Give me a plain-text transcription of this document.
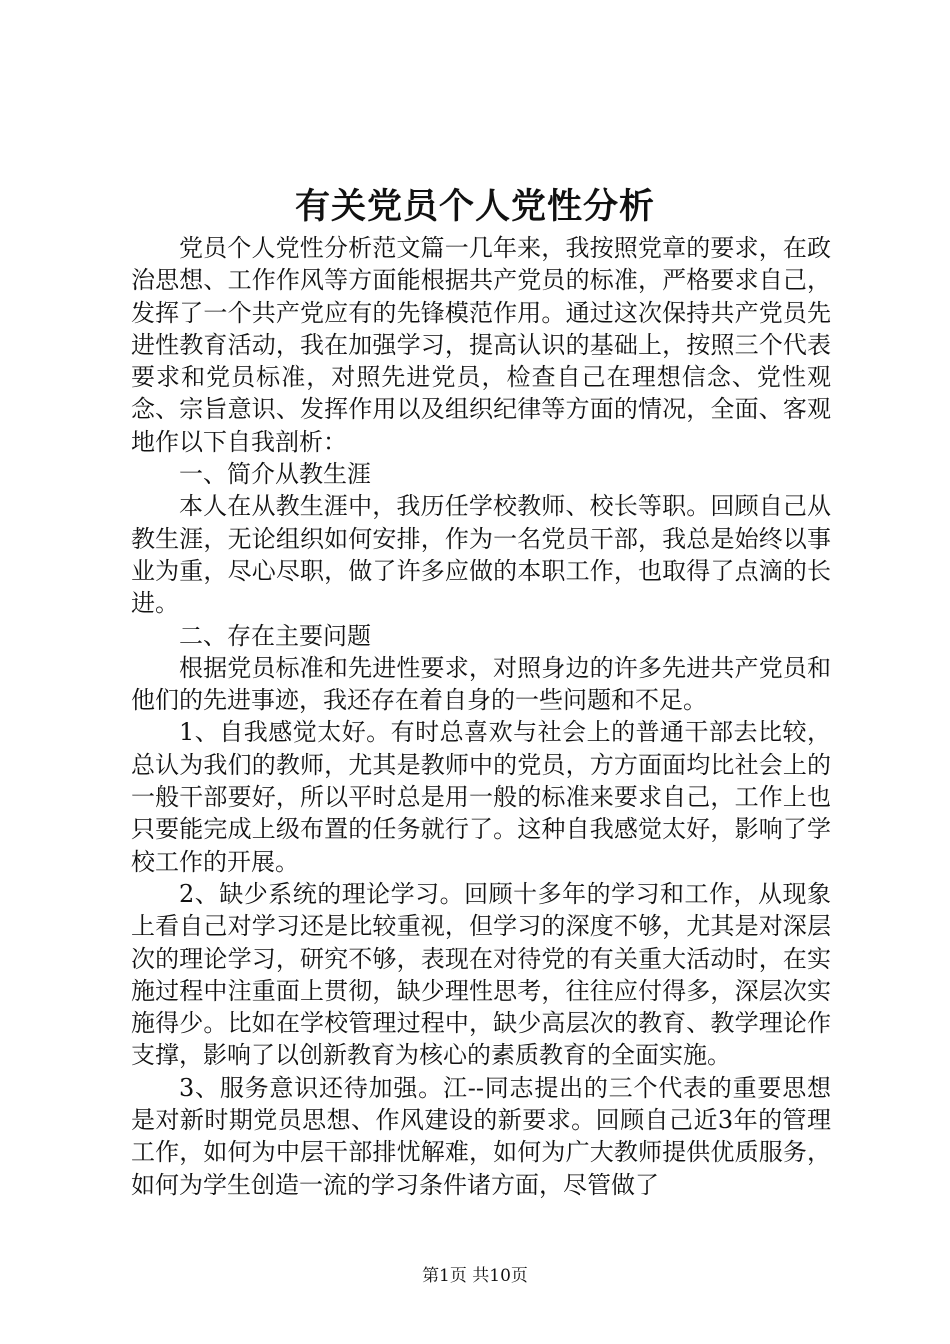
有关党员个人党性分析

党员个人党性分析范文篇一几年来，我按照党章的要求，在政治思想、工作作风等方面能根据共产党员的标准，严格要求自己，发挥了一个共产党应有的先锋模范作用。通过这次保持共产党员先进性教育活动，我在加强学习，提高认识的基础上，按照三个代表要求和党员标准，对照先进党员，检查自己在理想信念、党性观念、宗旨意识、发挥作用以及组织纪律等方面的情况，全面、客观地作以下自我剖析：

一、简介从教生涯

本人在从教生涯中，我历任学校教师、校长等职。回顾自己从教生涯，无论组织如何安排，作为一名党员干部，我总是始终以事业为重，尽心尽职，做了许多应做的本职工作，也取得了点滴的长进。

二、存在主要问题

根据党员标准和先进性要求，对照身边的许多先进共产党员和他们的先进事迹，我还存在着自身的一些问题和不足。

1、自我感觉太好。有时总喜欢与社会上的普通干部去比较，总认为我们的教师，尤其是教师中的党员，方方面面均比社会上的一般干部要好，所以平时总是用一般的标准来要求自己，工作上也只要能完成上级布置的任务就行了。这种自我感觉太好，影响了学校工作的开展。

2、缺少系统的理论学习。回顾十多年的学习和工作，从现象上看自己对学习还是比较重视，但学习的深度不够，尤其是对深层次的理论学习，研究不够，表现在对待党的有关重大活动时，在实施过程中注重面上贯彻，缺少理性思考，往往应付得多，深层次实施得少。比如在学校管理过程中，缺少高层次的教育、教学理论作支撑，影响了以创新教育为核心的素质教育的全面实施。

3、服务意识还待加强。江--同志提出的三个代表的重要思想是对新时期党员思想、作风建设的新要求。回顾自己近3年的管理工作，如何为中层干部排忧解难，如何为广大教师提供优质服务，如何为学生创造一流的学习条件诸方面，尽管做了

第1页 共10页
